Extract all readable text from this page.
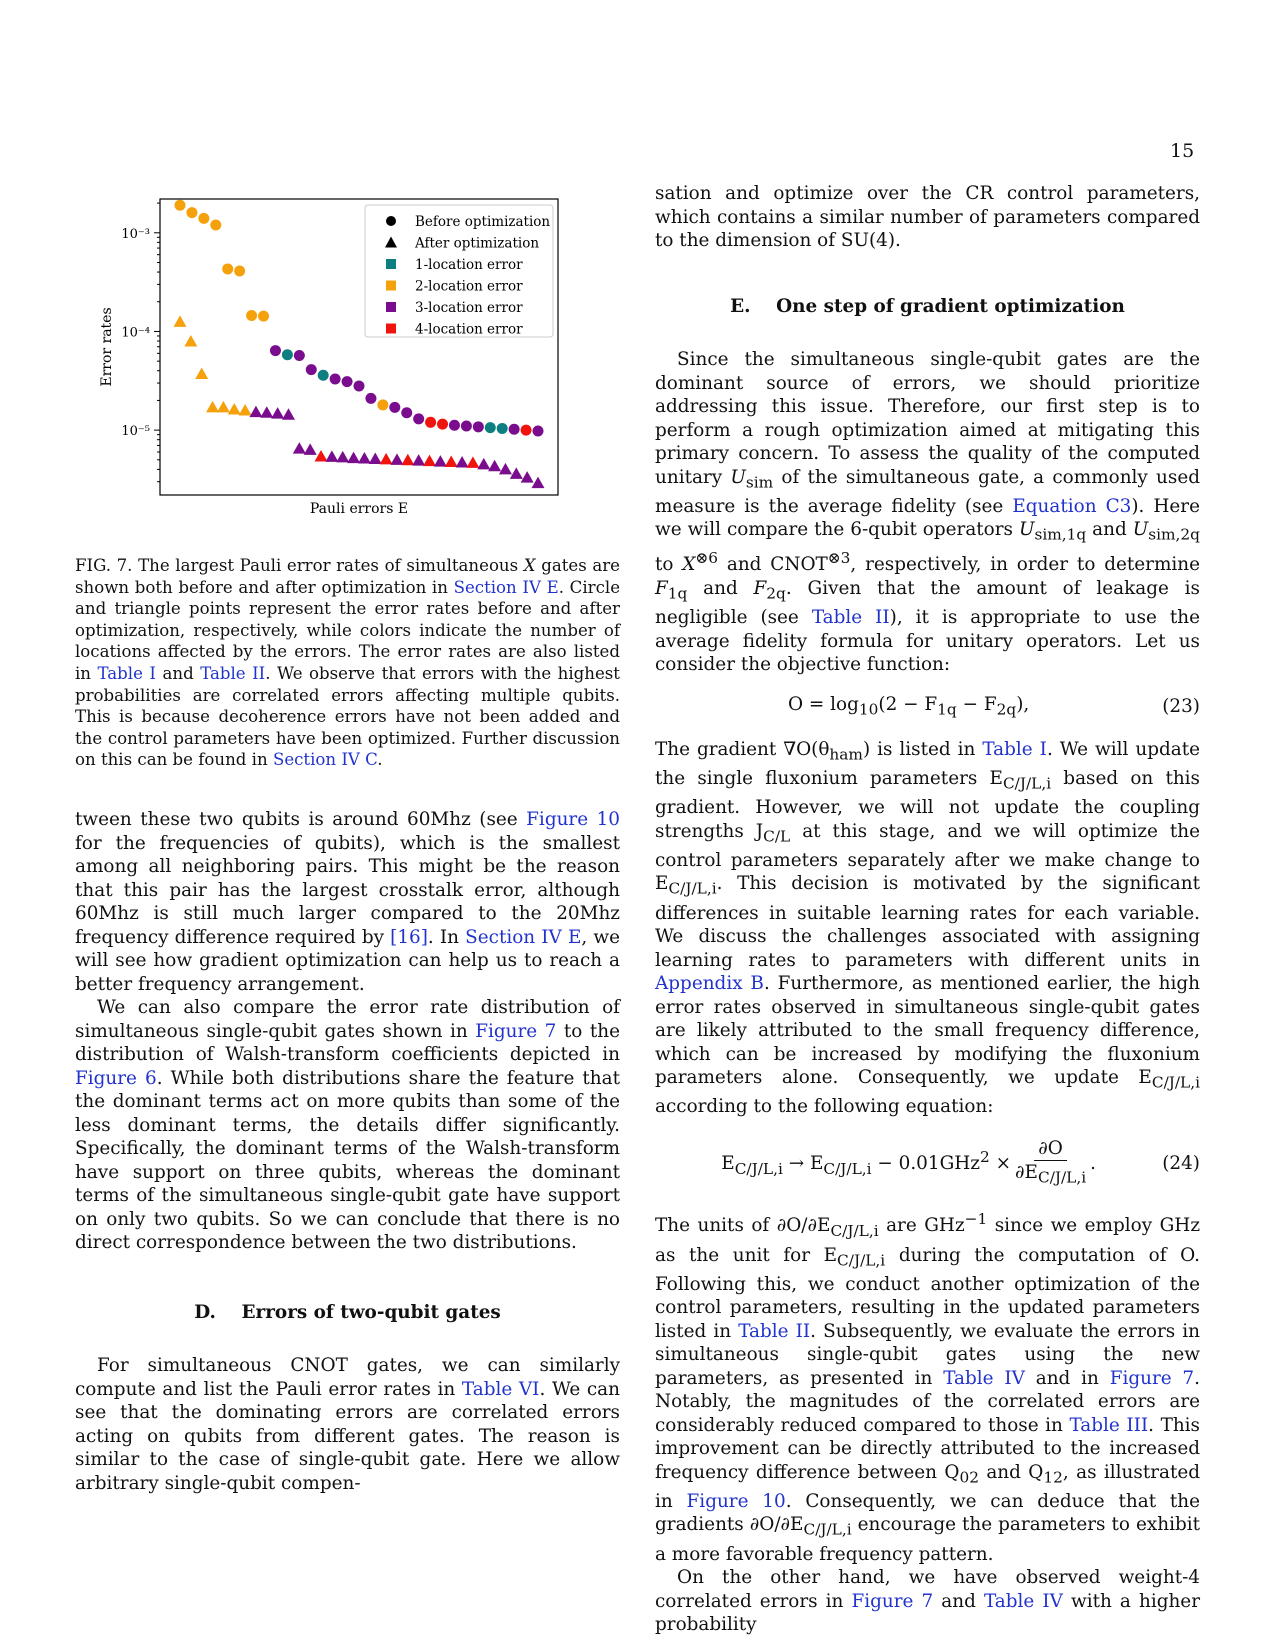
15
10⁻³
10⁻⁴
10⁻⁵
Error rates
Pauli errors E
Before optimization
After optimization
1-location error
2-location error
3-location error
4-location error

FIG. 7. The largest Pauli error rates of simultaneous X gates are shown both before and after optimization in Section IV E. Circle and triangle points represent the error rates before and after optimization, respectively, while colors indicate the number of locations affected by the errors. The error rates are also listed in Table I and Table II. We observe that errors with the highest probabilities are correlated errors affecting multiple qubits. This is because decoherence errors have not been added and the control parameters have been optimized. Further discussion on this can be found in Section IV C.

tween these two qubits is around 60Mhz (see Figure 10 for the frequencies of qubits), which is the smallest among all neighboring pairs. This might be the reason that this pair has the largest crosstalk error, although 60Mhz is still much larger compared to the 20Mhz frequency difference required by [16]. In Section IV E, we will see how gradient optimization can help us to reach a better frequency arrangement.

We can also compare the error rate distribution of simultaneous single-qubit gates shown in Figure 7 to the distribution of Walsh-transform coefficients depicted in Figure 6. While both distributions share the feature that the dominant terms act on more qubits than some of the less dominant terms, the details differ significantly. Specifically, the dominant terms of the Walsh-transform have support on three qubits, whereas the dominant terms of the simultaneous single-qubit gate have support on only two qubits. So we can conclude that there is no direct correspondence between the two distributions.

D.    Errors of two-qubit gates

For simultaneous CNOT gates, we can similarly compute and list the Pauli error rates in Table VI. We can see that the dominating errors are correlated errors acting on qubits from different gates. The reason is similar to the case of single-qubit gate. Here we allow arbitrary single-qubit compen-

sation and optimize over the CR control parameters, which contains a similar number of parameters compared to the dimension of SU(4).

E.    One step of gradient optimization

Since the simultaneous single-qubit gates are the dominant source of errors, we should prioritize addressing this issue. Therefore, our first step is to perform a rough optimization aimed at mitigating this primary concern. To assess the quality of the computed unitary $U_{sim}$ of the simultaneous gate, a commonly used measure is the average fidelity (see Equation C3). Here we will compare the 6-qubit operators $U_{sim,1q}$ and $U_{sim,2q}$ to $X^{\otimes 6}$ and $CNOT^{\otimes 3}$, respectively, in order to determine $F_{1q}$ and $F_{2q}$. Given that the amount of leakage is negligible (see Table II), it is appropriate to use the average fidelity formula for unitary operators. Let us consider the objective function:

$O = \log_{10}(2 - F_{1q} - F_{2q})$,	(23)

The gradient $\nabla O(\theta_{ham})$ is listed in Table I. We will update the single fluxonium parameters $E_{C/J/L,i}$ based on this gradient. However, we will not update the coupling strengths $J_{C/L}$ at this stage, and we will optimize the control parameters separately after we make change to $E_{C/J/L,i}$. This decision is motivated by the significant differences in suitable learning rates for each variable. We discuss the challenges associated with assigning learning rates to parameters with different units in Appendix B. Furthermore, as mentioned earlier, the high error rates observed in simultaneous single-qubit gates are likely attributed to the small frequency difference, which can be increased by modifying the fluxonium parameters alone. Consequently, we update $E_{C/J/L,i}$ according to the following equation:

$E_{C/J/L,i} \to E_{C/J/L,i} - 0.01GHz^2 \times \frac{\partial O}{\partial E_{C/J/L,i}}$ .	(24)

The units of $\partial O/\partial E_{C/J/L,i}$ are GHz$^{-1}$ since we employ GHz as the unit for $E_{C/J/L,i}$ during the computation of O. Following this, we conduct another optimization of the control parameters, resulting in the updated parameters listed in Table II. Subsequently, we evaluate the errors in simultaneous single-qubit gates using the new parameters, as presented in Table IV and in Figure 7. Notably, the magnitudes of the correlated errors are considerably reduced compared to those in Table III. This improvement can be directly attributed to the increased frequency difference between $Q_{02}$ and $Q_{12}$, as illustrated in Figure 10. Consequently, we can deduce that the gradients $\partial O/\partial E_{C/J/L,i}$ encourage the parameters to exhibit a more favorable frequency pattern.

On the other hand, we have observed weight-4 correlated errors in Figure 7 and Table IV with a higher probability
